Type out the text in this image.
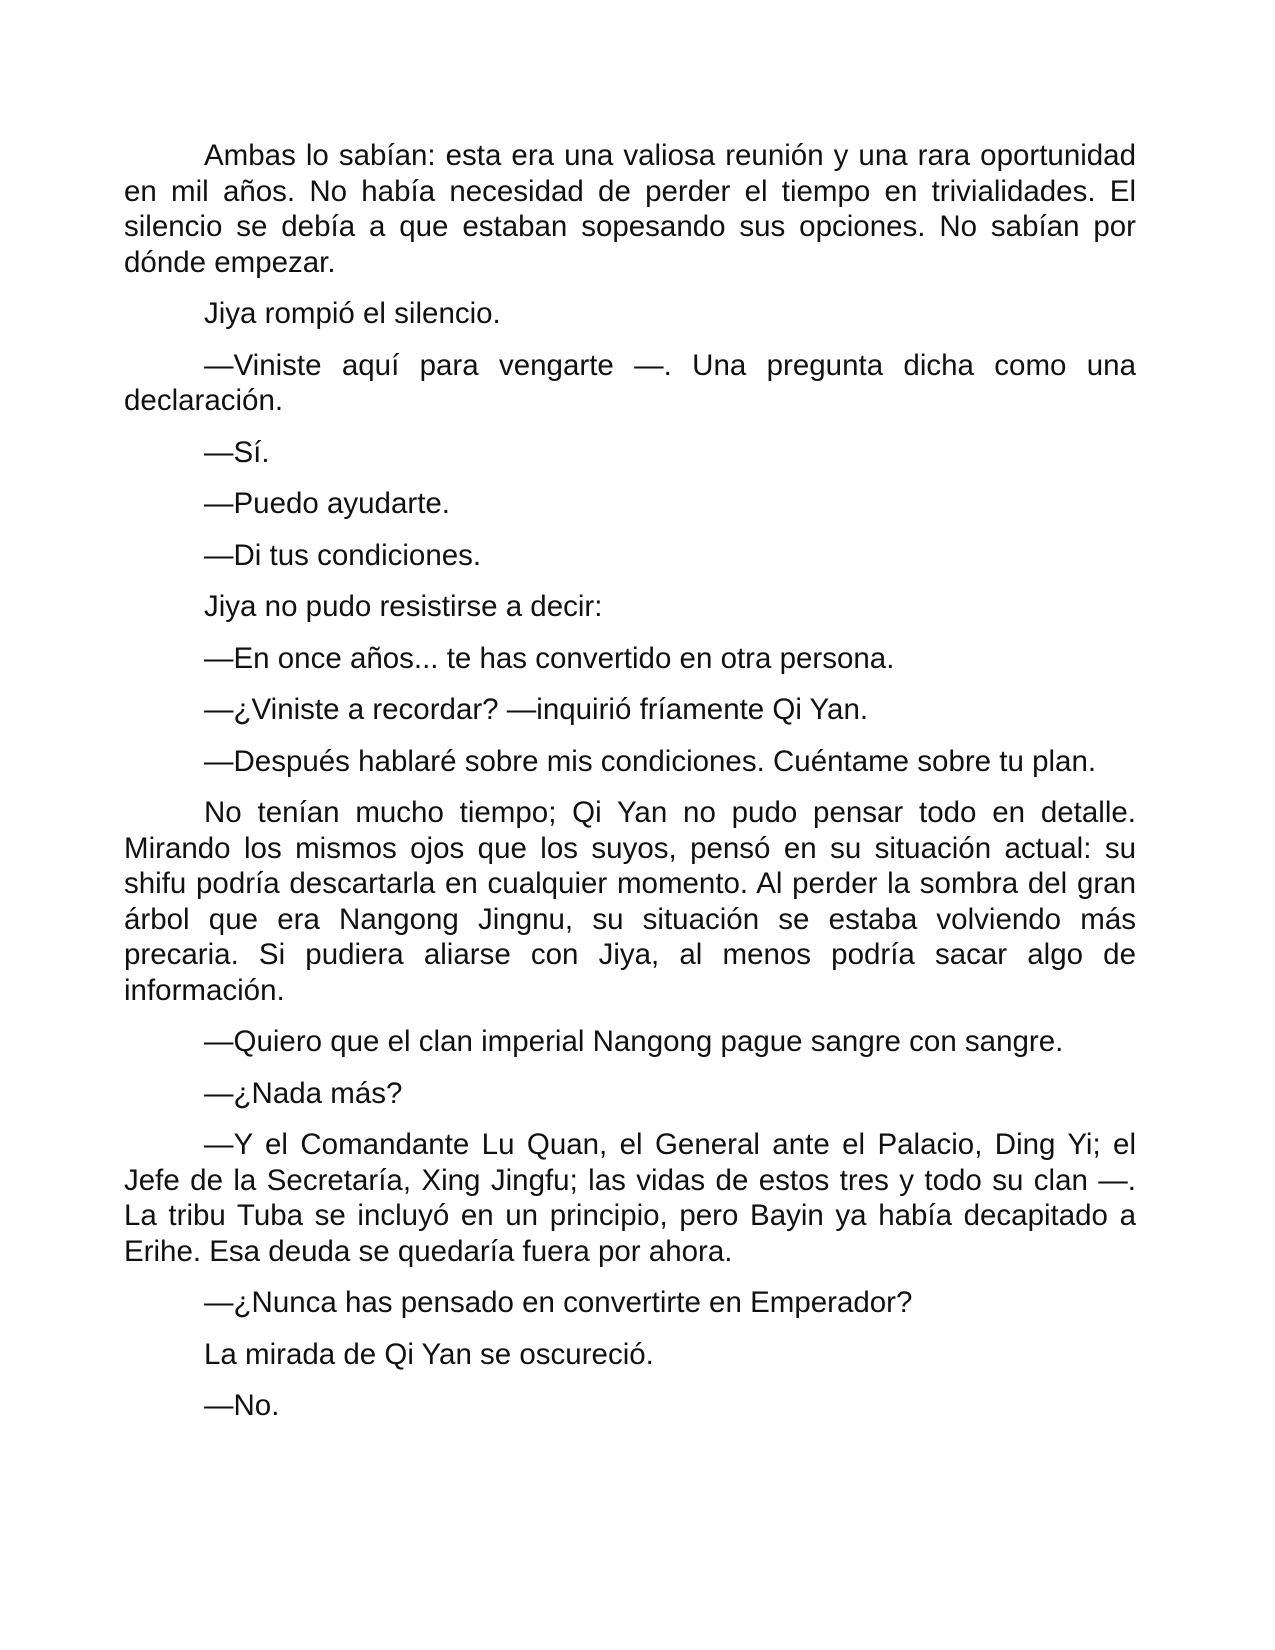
Ambas lo sabían: esta era una valiosa reunión y una rara oportunidad en mil años. No había necesidad de perder el tiempo en trivialidades. El silencio se debía a que estaban sopesando sus opciones. No sabían por dónde empezar.

Jiya rompió el silencio.

—Viniste aquí para vengarte —. Una pregunta dicha como una declaración.

—Sí.

—Puedo ayudarte.

—Di tus condiciones.

Jiya no pudo resistirse a decir:

—En once años... te has convertido en otra persona.

—¿Viniste a recordar? —inquirió fríamente Qi Yan.

—Después hablaré sobre mis condiciones. Cuéntame sobre tu plan.

No tenían mucho tiempo; Qi Yan no pudo pensar todo en detalle. Mirando los mismos ojos que los suyos, pensó en su situación actual: su shifu podría descartarla en cualquier momento. Al perder la sombra del gran árbol que era Nangong Jingnu, su situación se estaba volviendo más precaria. Si pudiera aliarse con Jiya, al menos podría sacar algo de información.

—Quiero que el clan imperial Nangong pague sangre con sangre.

—¿Nada más?

—Y el Comandante Lu Quan, el General ante el Palacio, Ding Yi; el Jefe de la Secretaría, Xing Jingfu; las vidas de estos tres y todo su clan —. La tribu Tuba se incluyó en un principio, pero Bayin ya había decapitado a Erihe. Esa deuda se quedaría fuera por ahora.

—¿Nunca has pensado en convertirte en Emperador?

La mirada de Qi Yan se oscureció.

—No.
